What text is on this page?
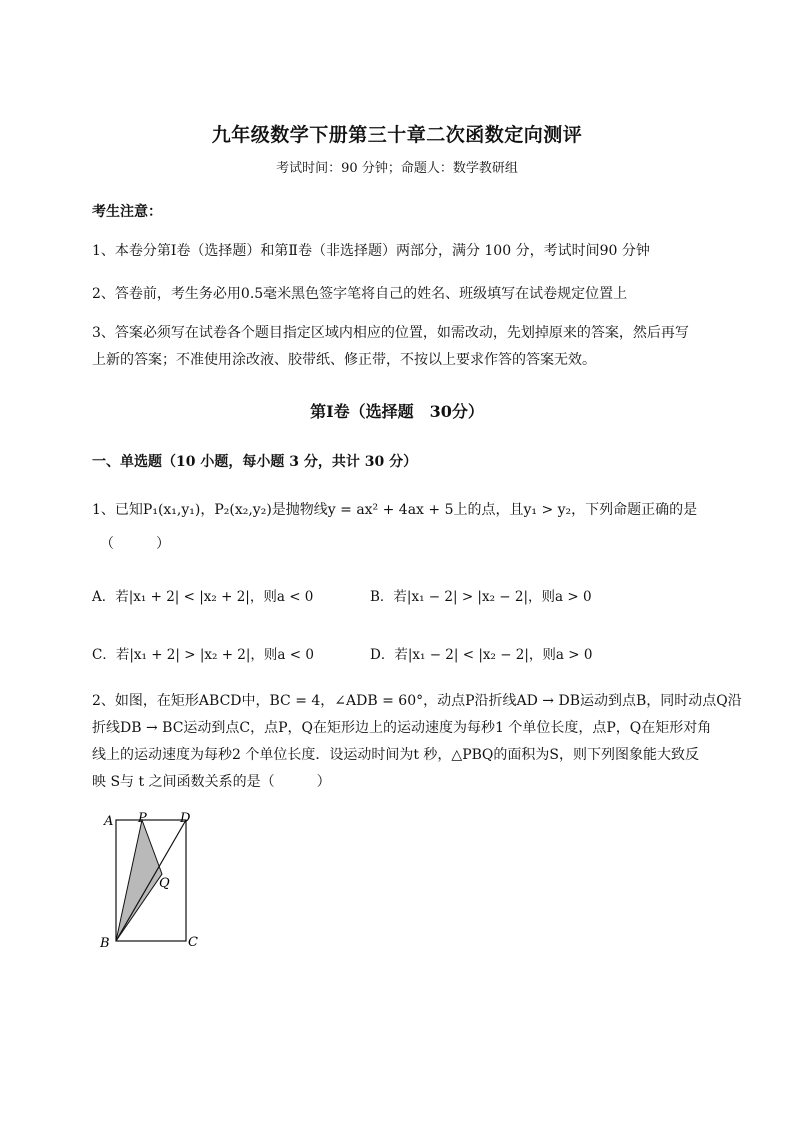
九年级数学下册第三十章二次函数定向测评
考试时间：90 分钟；命题人：数学教研组
考生注意：
1、本卷分第Ⅰ卷（选择题）和第Ⅱ卷（非选择题）两部分，满分 100 分，考试时间90 分钟
2、答卷前，考生务必用0.5毫米黑色签字笔将自己的姓名、班级填写在试卷规定位置上
3、答案必须写在试卷各个题目指定区域内相应的位置，如需改动，先划掉原来的答案，然后再写上新的答案；不准使用涂改液、胶带纸、修正带，不按以上要求作答的答案无效。
第Ⅰ卷（选择题　30分）
一、单选题（10 小题，每小题 3 分，共计 30 分）
1、已知P₁(x₁,y₁)，P₂(x₂,y₂)是抛物线y = ax² + 4ax + 5上的点，且y₁ > y₂，下列命题正确的是
（　　　）
A．若|x₁ + 2| < |x₂ + 2|，则a < 0	B．若|x₁ − 2| > |x₂ − 2|，则a > 0
C．若|x₁ + 2| > |x₂ + 2|，则a < 0	D．若|x₁ − 2| < |x₂ − 2|，则a > 0
2、如图，在矩形ABCD中，BC = 4，∠ADB = 60°，动点P沿折线AD → DB运动到点B，同时动点Q沿
折线DB → BC运动到点C，点P，Q在矩形边上的运动速度为每秒1 个单位长度，点P，Q在矩形对角
线上的运动速度为每秒2 个单位长度．设运动时间为t 秒，△PBQ的面积为S，则下列图象能大致反
映 S与 t 之间函数关系的是（　　　）
A P	D
Q
B	C
